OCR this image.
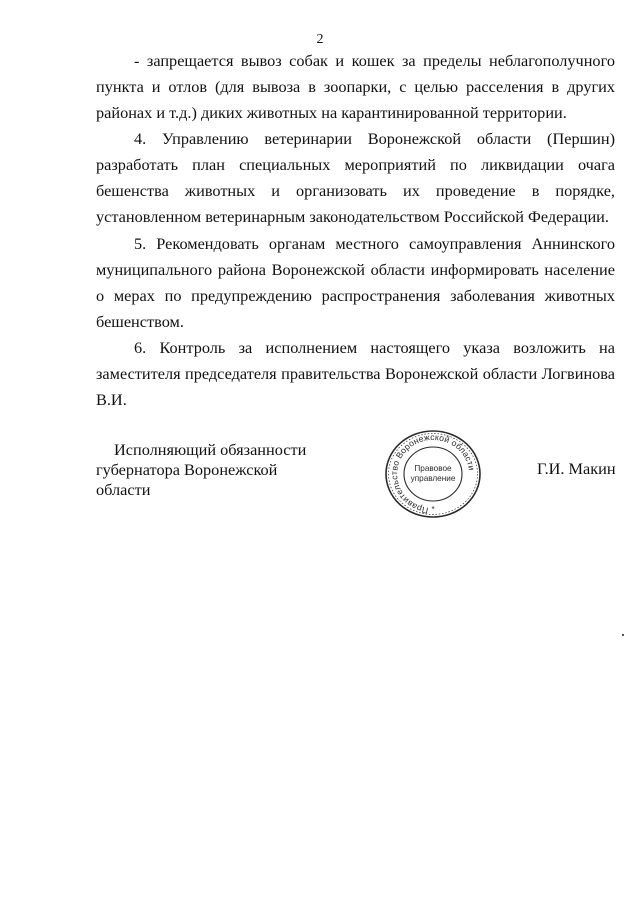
2

- запрещается вывоз собак и кошек за пределы неблагополучного пункта и отлов (для вывоза в зоопарки, с целью расселения в других районах и т.д.) диких животных на карантинированной территории.

4. Управлению ветеринарии Воронежской области (Першин) разработать план специальных мероприятий по ликвидации очага бешенства животных и организовать их проведение в порядке, установленном ветеринарным законодательством Российской Федерации.

5. Рекомендовать органам местного самоуправления Аннинского муниципального района Воронежской области информировать население о мерах по предупреждению распространения заболевания животных бешенством.

6. Контроль за исполнением настоящего указа возложить на заместителя председателя правительства Воронежской области Логвинова В.И.

Исполняющий обязанности
губернатора Воронежской области
Правительство Воронежской области
Правовое
управление
*
Г.И. Макин
